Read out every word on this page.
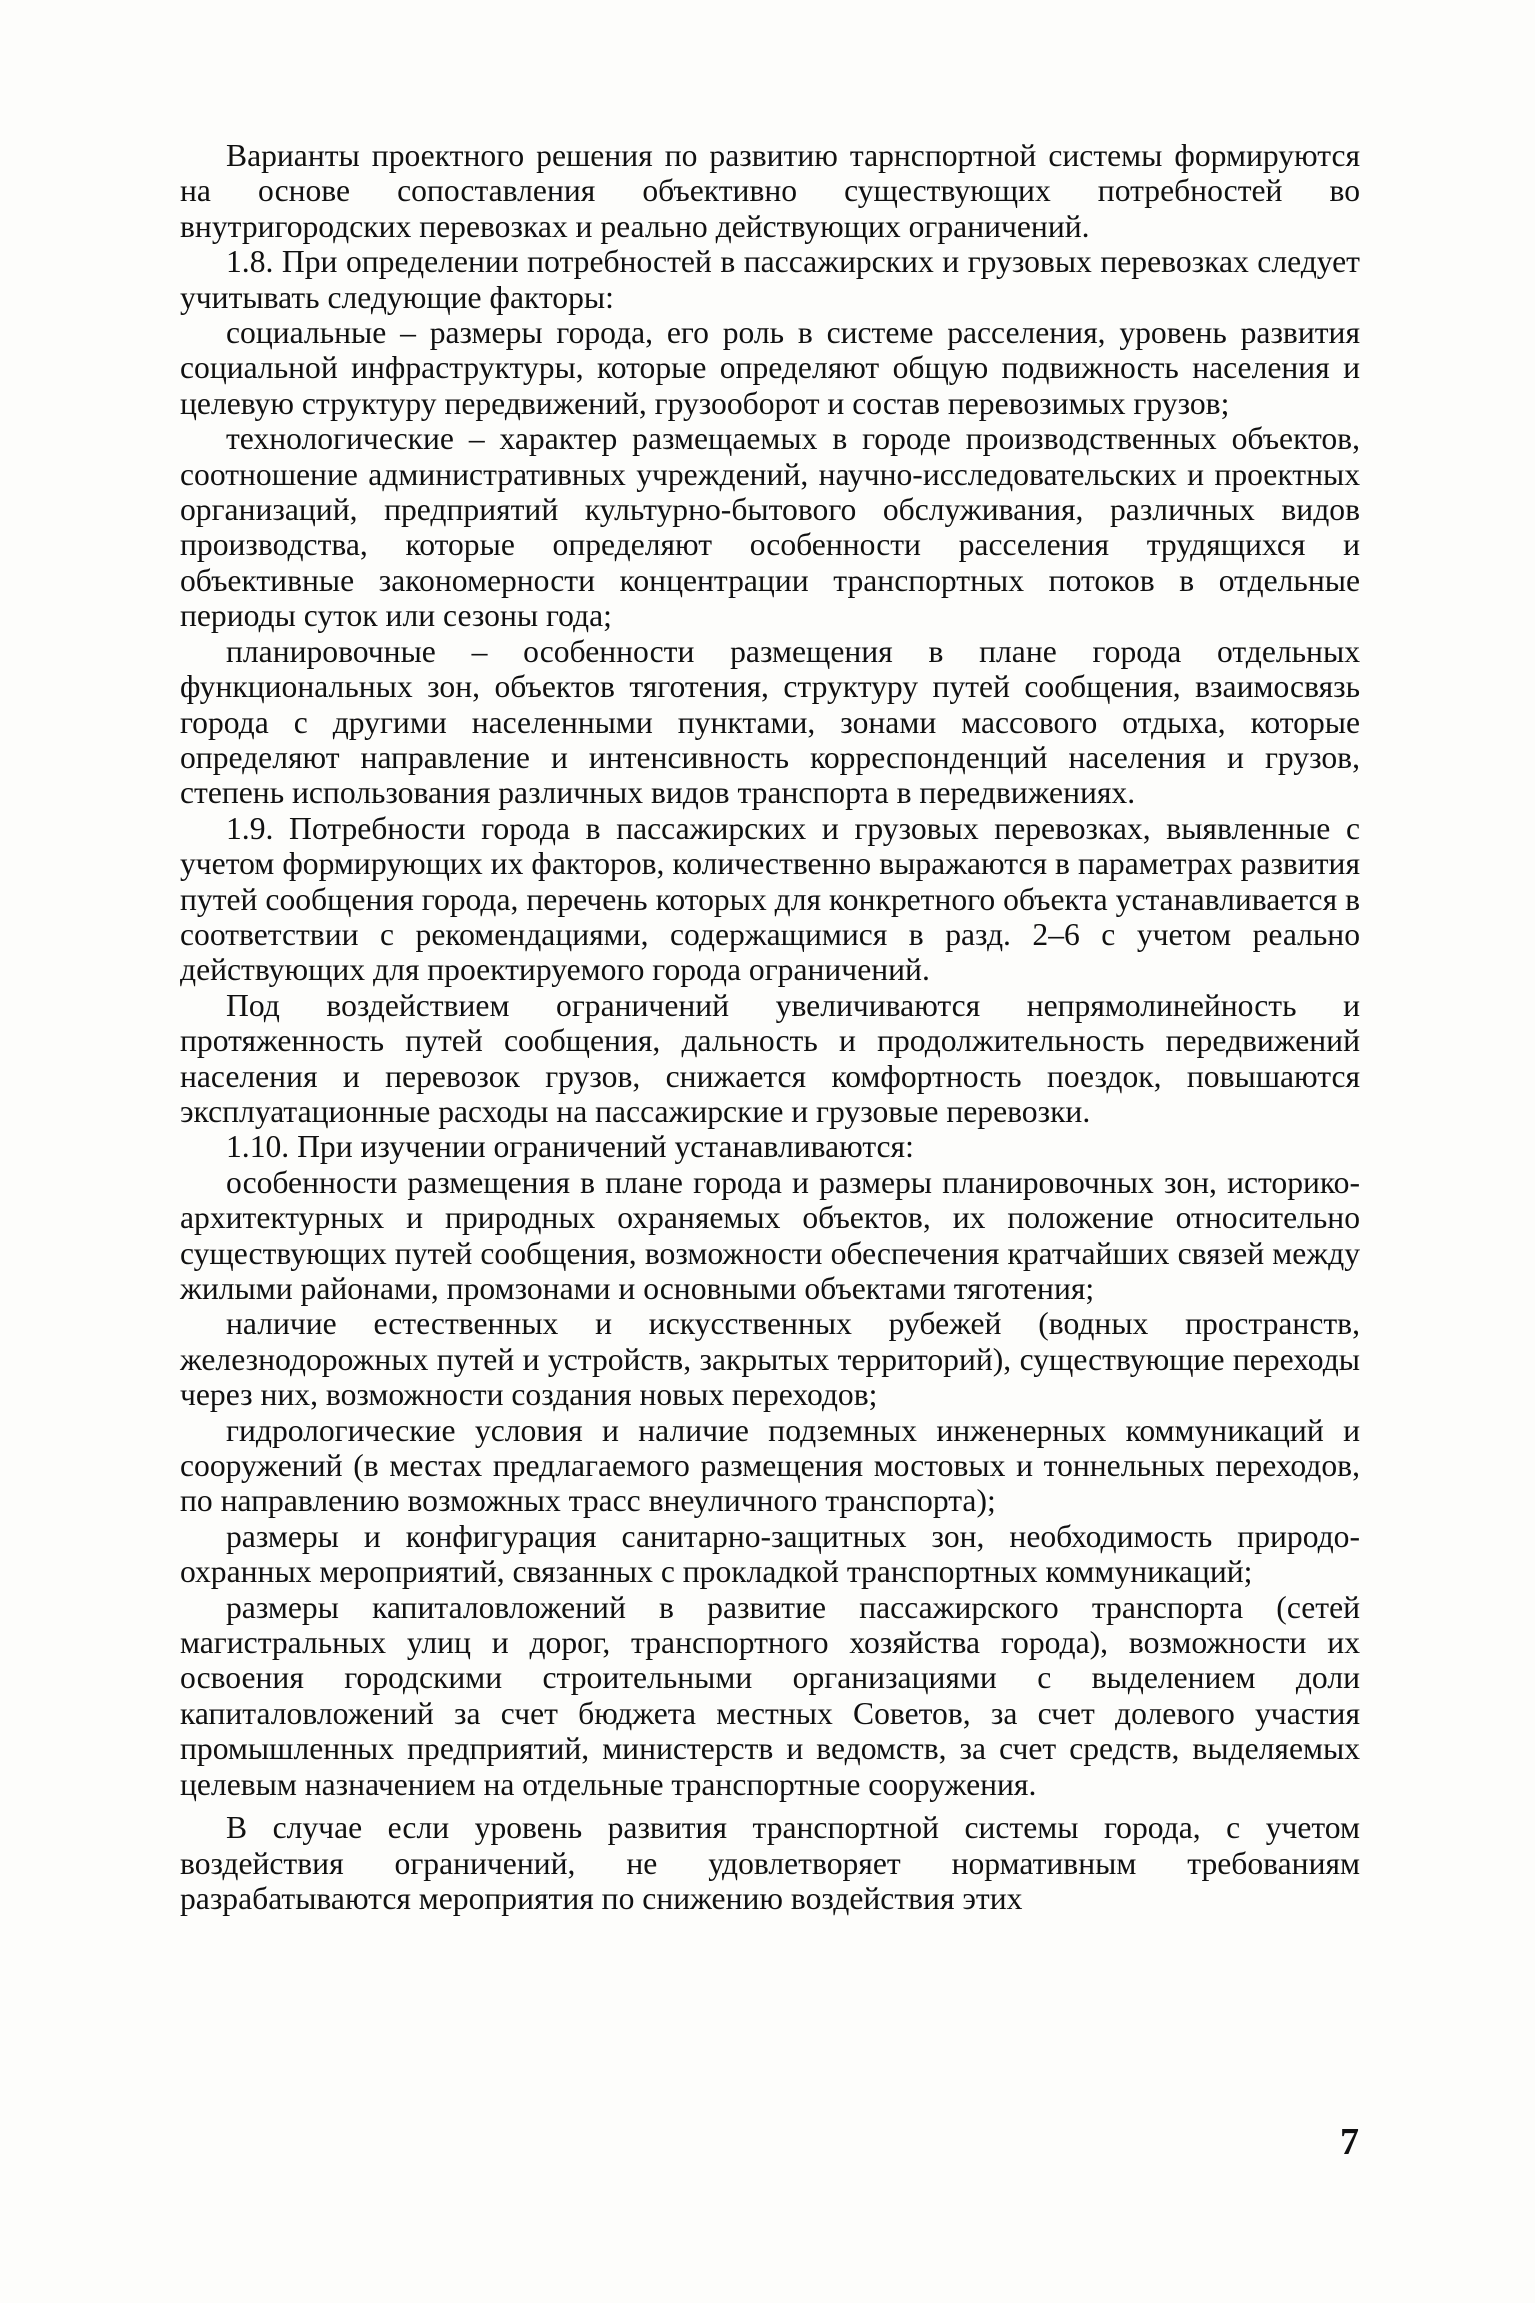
Варианты проектного решения по развитию тарнспортной системы формируются на основе сопоставления объективно существующих потребностей во внутригородских перевозках и реально действующих ограничений.

1.8. При определении потребностей в пассажирских и грузовых перевозках следует учитывать следующие факторы:

социальные – размеры города, его роль в системе расселения, уровень развития социальной инфраструктуры, которые определяют общую подвижность населения и целевую структуру передвижений, грузооборот и состав перевозимых грузов;

технологические – характер размещаемых в городе производственных объектов, соотношение административных учреждений, научно-исследовательских и проектных организаций, предприятий культурно-бытового обслуживания, различных видов производства, которые определяют особенности расселения трудящихся и объективные закономерности концентрации транспортных потоков в отдельные периоды суток или сезоны года;

планировочные – особенности размещения в плане города отдельных функциональных зон, объектов тяготения, структуру путей сообщения, взаимосвязь города с другими населенными пунктами, зонами массового отдыха, которые определяют направление и интенсивность корреспонденций населения и грузов, степень использования различных видов транспорта в передвижениях.

1.9. Потребности города в пассажирских и грузовых перевозках, выявленные с учетом формирующих их факторов, количественно выражаются в параметрах развития путей сообщения города, перечень которых для конкретного объекта устанавливается в соответствии с рекомендациями, содержащимися в разд. 2–6 с учетом реально действующих для проектируемого города ограничений.

Под воздействием ограничений увеличиваются непрямолинейность и протяженность путей сообщения, дальность и продолжительность передвижений населения и перевозок грузов, снижается комфортность поездок, повышаются эксплуатационные расходы на пассажирские и грузовые перевозки.

1.10. При изучении ограничений устанавливаются:

особенности размещения в плане города и размеры планировочных зон, историко-архитектурных и природных охраняемых объектов, их положение относительно существующих путей сообщения, возможности обеспечения кратчайших связей между жилыми районами, промзонами и основными объектами тяготения;

наличие естественных и искусственных рубежей (водных пространств, железнодорожных путей и устройств, закрытых территорий), существующие переходы через них, возможности создания новых переходов;

гидрологические условия и наличие подземных инженерных коммуникаций и сооружений (в местах предлагаемого размещения мостовых и тоннельных переходов, по направлению возможных трасс внеуличного транспорта);

размеры и конфигурация санитарно-защитных зон, необходимость природо-охранных мероприятий, связанных с прокладкой транспортных коммуникаций;

размеры капиталовложений в развитие пассажирского транспорта (сетей магистральных улиц и дорог, транспортного хозяйства города), возможности их освоения городскими строительными организациями с выделением доли капиталовложений за счет бюджета местных Советов, за счет долевого участия промышленных предприятий, министерств и ведомств, за счет средств, выделяемых целевым назначением на отдельные транспортные сооружения.

В случае если уровень развития транспортной системы города, с учетом воздействия ограничений, не удовлетворяет нормативным требованиям разрабатываются мероприятия по снижению воздействия этих

7
